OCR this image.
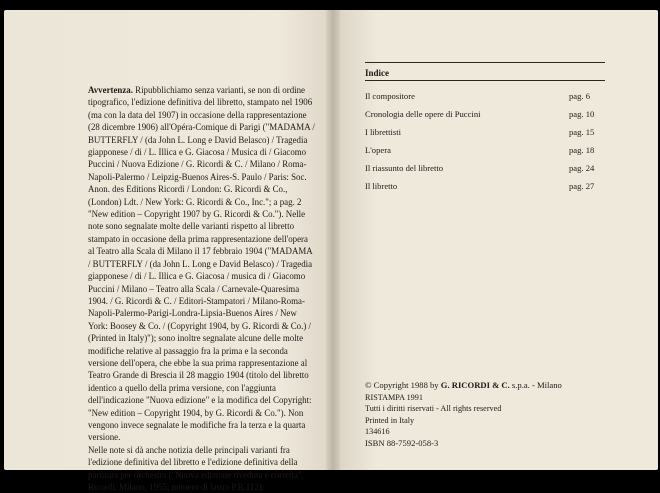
Avvertenza. Ripubblichiamo senza varianti, se non di ordine tipografico, l'edizione definitiva del libretto, stampato nel 1906 (ma con la data del 1907) in occasione della rappresentazione (28 dicembre 1906) all'Opéra-Comique di Parigi ("MADAMA / BUTTERFLY / (da John L. Long e David Belasco) / Tragedia giapponese / di / L. Illica e G. Giacosa / Musica di / Giacomo Puccini / Nuova Edizione / G. Ricordi & C. / Milano / Roma-Napoli-Palermo / Leipzig-Buenos Aires-S. Paulo / Paris: Soc. Anon. des Editions Ricordi / London: G. Ricordi & Co., (London) Ldt. / New York: G. Ricordi & Co., Inc."; a pag. 2 "New edition – Copyright 1907 by G. Ricordi & Co."). Nelle note sono segnalate molte delle varianti rispetto al libretto stampato in occasione della prima rappresentazione dell'opera al Teatro alla Scala di Milano il 17 febbraio 1904 ("MADAMA / BUTTERFLY / (da John L. Long e David Belasco) / Tragedia giapponese / di / L. Illica e G. Giacosa / musica di / Giacomo Puccini / Milano – Teatro alla Scala / Carnevale-Quaresima 1904. / G. Ricordi & C. / Editori-Stampatori / Milano-Roma-Napoli-Palermo-Parigi-Londra-Lipsia-Buenos Aires / New York: Boosey & Co. / (Copyright 1904, by G. Ricordi & Co.) / (Printed in Italy)"); sono inoltre segnalate alcune delle molte modifiche relative al passaggio fra la prima e la seconda versione dell'opera, che ebbe la sua prima rappresentazione al Teatro Grande di Brescia il 28 maggio 1904 (titolo del libretto identico a quello della prima versione, con l'aggiunta dell'indicazione "Nuova edizione" e la modifica del Copyright: "New edition – Copyright 1904, by G. Ricordi & Co."). Non vengono invece segnalate le modifiche fra la terza e la quarta versione.
Nelle note si dà anche notizia delle principali varianti fra l'edizione definitiva del libretto e l'edizione definitiva della partitura per orchestra ("Nuova edizione riveduta e corretta", Ricordi, Milano, 1955; numero di lastra P.R.112).
Indice
Il compositore	pag. 6
Cronologia delle opere di Puccini	pag. 10
I librettisti	pag. 15
L'opera	pag. 18
Il riassunto del libretto	pag. 24
Il libretto	pag. 27
© Copyright 1988 by G. RICORDI & C. s.p.a. - Milano
RISTAMPA 1991
Tutti i diritti riservati - All rights reserved
Printed in Italy
134616
ISBN 88-7592-058-3
